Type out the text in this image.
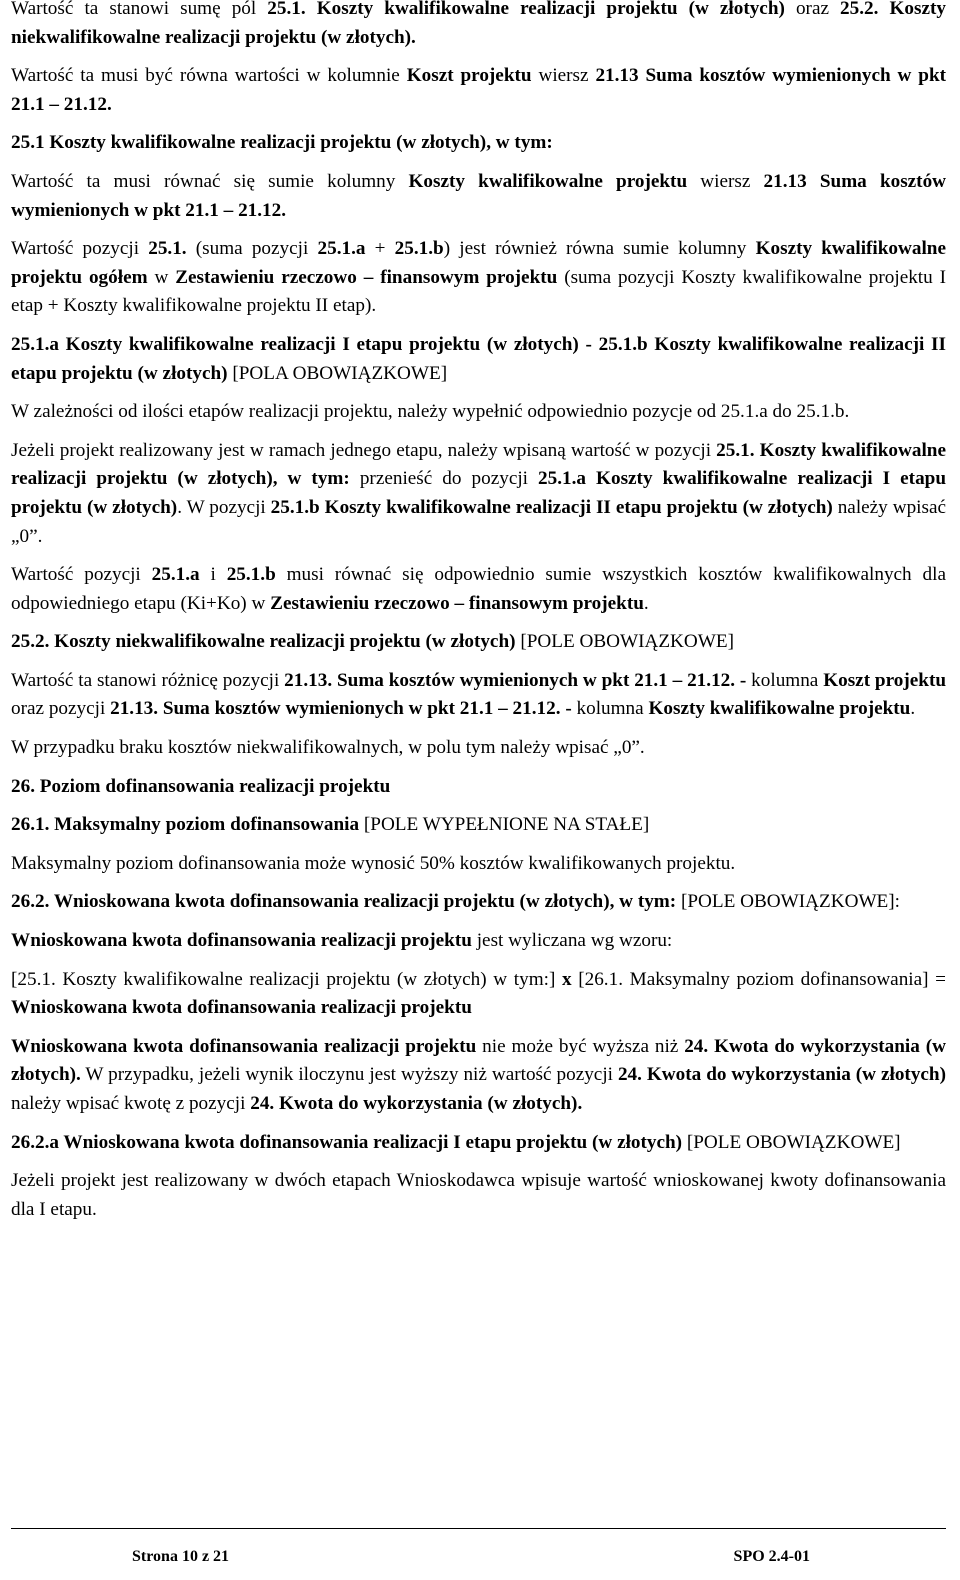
Wartość ta stanowi sumę pól 25.1. Koszty kwalifikowalne realizacji projektu (w złotych) oraz 25.2. Koszty niekwalifikowalne realizacji projektu (w złotych).

Wartość ta musi być równa wartości w kolumnie Koszt projektu wiersz 21.13 Suma kosztów wymienionych w pkt 21.1 – 21.12.

25.1 Koszty kwalifikowalne realizacji projektu (w złotych), w tym:

Wartość ta musi równać się sumie kolumny Koszty kwalifikowalne projektu wiersz 21.13 Suma kosztów wymienionych w pkt 21.1 – 21.12.

Wartość pozycji 25.1. (suma pozycji 25.1.a + 25.1.b) jest również równa sumie kolumny Koszty kwalifikowalne projektu ogółem w Zestawieniu rzeczowo – finansowym projektu (suma pozycji Koszty kwalifikowalne projektu I etap + Koszty kwalifikowalne projektu II etap).

25.1.a Koszty kwalifikowalne realizacji I etapu projektu (w złotych) - 25.1.b Koszty kwalifikowalne realizacji II etapu projektu (w złotych) [POLA OBOWIĄZKOWE]

W zależności od ilości etapów realizacji projektu, należy wypełnić odpowiednio pozycje od 25.1.a do 25.1.b.

Jeżeli projekt realizowany jest w ramach jednego etapu, należy wpisaną wartość w pozycji 25.1. Koszty kwalifikowalne realizacji projektu (w złotych), w tym: przenieść do pozycji 25.1.a Koszty kwalifikowalne realizacji I etapu projektu (w złotych). W pozycji 25.1.b Koszty kwalifikowalne realizacji II etapu projektu (w złotych) należy wpisać „0”.

Wartość pozycji 25.1.a i 25.1.b musi równać się odpowiednio sumie wszystkich kosztów kwalifikowalnych dla odpowiedniego etapu (Ki+Ko) w Zestawieniu rzeczowo – finansowym projektu.

25.2. Koszty niekwalifikowalne realizacji projektu (w złotych) [POLE OBOWIĄZKOWE]

Wartość ta stanowi różnicę pozycji 21.13. Suma kosztów wymienionych w pkt 21.1 – 21.12. - kolumna Koszt projektu oraz pozycji 21.13. Suma kosztów wymienionych w pkt 21.1 – 21.12. - kolumna Koszty kwalifikowalne projektu.

W przypadku braku kosztów niekwalifikowalnych, w polu tym należy wpisać „0”.

26. Poziom dofinansowania realizacji projektu

26.1. Maksymalny poziom dofinansowania [POLE WYPEŁNIONE NA STAŁE]

Maksymalny poziom dofinansowania może wynosić 50% kosztów kwalifikowanych projektu.

26.2. Wnioskowana kwota dofinansowania realizacji projektu (w złotych), w tym: [POLE OBOWIĄZKOWE]:

Wnioskowana kwota dofinansowania realizacji projektu jest wyliczana wg wzoru:

[25.1. Koszty kwalifikowalne realizacji projektu (w złotych) w tym:] x [26.1. Maksymalny poziom dofinansowania] = Wnioskowana kwota dofinansowania realizacji projektu

Wnioskowana kwota dofinansowania realizacji projektu nie może być wyższa niż 24. Kwota do wykorzystania (w złotych). W przypadku, jeżeli wynik iloczynu jest wyższy niż wartość pozycji 24. Kwota do wykorzystania (w złotych) należy wpisać kwotę z pozycji 24. Kwota do wykorzystania (w złotych).

26.2.a Wnioskowana kwota dofinansowania realizacji I etapu projektu (w złotych) [POLE OBOWIĄZKOWE]

Jeżeli projekt jest realizowany w dwóch etapach Wnioskodawca wpisuje wartość wnioskowanej kwoty dofinansowania dla I etapu.

Strona 10 z 21	SPO 2.4-01
